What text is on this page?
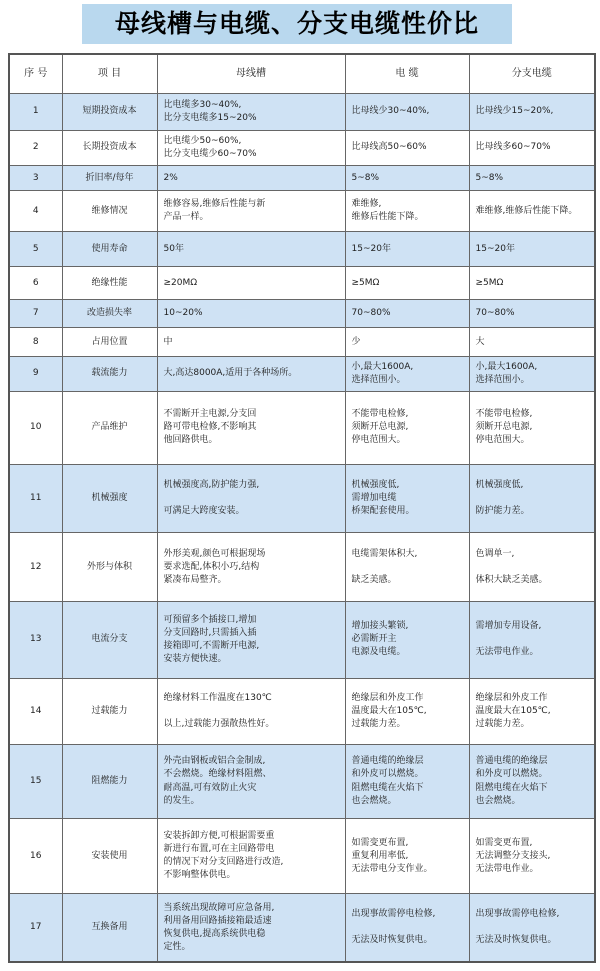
母线槽与电缆、分支电缆性价比
序 号	项 目	母线槽	电 缆	分支电缆
1	短期投资成本	比电缆多30~40%,
比分支电缆多15~20%	比母线少30~40%,	比母线少15~20%,
2	长期投资成本	比电缆少50~60%,
比分支电缆少60~70%	比母线高50~60%	比母线多60~70%
3	折旧率/每年	2%	5~8%	5~8%
4	维修情况	维修容易,维修后性能与新
产品一样。	难维修,
维修后性能下降。	难维修,维修后性能下降。
5	使用寿命	50年	15~20年	15~20年
6	绝缘性能	≥20MΩ	≥5MΩ	≥5MΩ
7	改造损失率	10~20%	70~80%	70~80%
8	占用位置	中	少	大
9	载流能力	大,高达8000A,适用于各种场所。	小,最大1600A,
选择范围小。	小,最大1600A,
选择范围小。
10	产品维护	不需断开主电源,分支回
路可带电检修,不影响其
他回路供电。	不能带电检修,
须断开总电源,
停电范围大。	不能带电检修,
须断开总电源,
停电范围大。
11	机械强度	机械强度高,防护能力强,

可满足大跨度安装。	机械强度低,
需增加电缆
桥架配套使用。	机械强度低,

防护能力差。
12	外形与体积	外形美观,颜色可根据现场
要求选配,体积小巧,结构
紧凑布局整齐。	电缆需架体积大,

缺乏美感。	色调单一,

体积大缺乏美感。
13	电流分支	可预留多个插接口,增加
分支回路时,只需插入插
接箱即可,不需断开电源,
安装方便快速。	增加接头繁锁,
必需断开主
电源及电缆。	需增加专用设备,

无法带电作业。
14	过载能力	绝缘材料工作温度在130℃

以上,过载能力强散热性好。	绝缘层和外皮工作
温度最大在105℃,
过载能力差。	绝缘层和外皮工作
温度最大在105℃,
过载能力差。
15	阻燃能力	外壳由钢板或铝合金制成,
不会燃烧。绝缘材料阻燃、
耐高温,可有效防止火灾
的发生。	普通电缆的绝缘层
和外皮可以燃烧。
阻燃电缆在火焰下
也会燃烧。	普通电缆的绝缘层
和外皮可以燃烧。
阻燃电缆在火焰下
也会燃烧。
16	安装使用	安装拆卸方便,可根据需要重
新进行布置,可在主回路带电
的情况下对分支回路进行改造,
不影响整体供电。	如需变更布置,
重复利用率低,
无法带电分支作业。	如需变更布置,
无法调整分支接头,
无法带电作业。
17	互换备用	当系统出现故障可应急备用,
利用备用回路插接箱最适速
恢复供电,提高系统供电稳
定性。	出现事故需停电检修,

无法及时恢复供电。	出现事故需停电检修,

无法及时恢复供电。
